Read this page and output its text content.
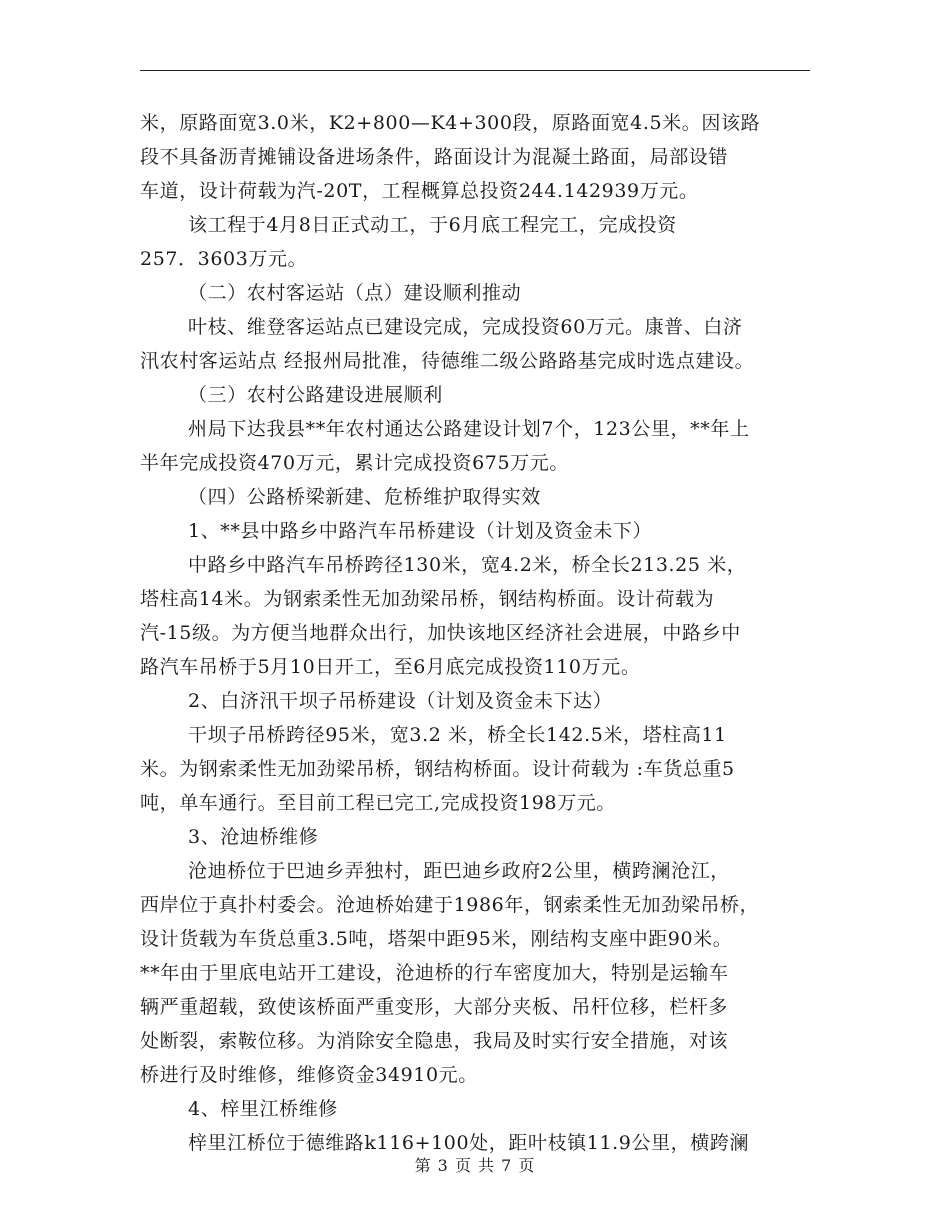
米，原路面宽3.0米，K2+800—K4+300段，原路面宽4.5米。因该路
段不具备沥青摊铺设备进场条件，路面设计为混凝土路面，局部设错
车道，设计荷载为汽-20T，工程概算总投资244.142939万元。
该工程于4月8日正式动工，于6月底工程完工，完成投资
257．3603万元。
（二）农村客运站（点）建设顺利推动
叶枝、维登客运站点已建设完成，完成投资60万元。康普、白济
汛农村客运站点 经报州局批准，待德维二级公路路基完成时选点建设。
（三）农村公路建设进展顺利
州局下达我县**年农村通达公路建设计划7个，123公里，**年上
半年完成投资470万元，累计完成投资675万元。
（四）公路桥梁新建、危桥维护取得实效
1、**县中路乡中路汽车吊桥建设（计划及资金未下）
中路乡中路汽车吊桥跨径130米，宽4.2米，桥全长213.25 米，
塔柱高14米。为钢索柔性无加劲梁吊桥，钢结构桥面。设计荷载为
汽-15级。为方便当地群众出行，加快该地区经济社会进展，中路乡中
路汽车吊桥于5月10日开工，至6月底完成投资110万元。
2、白济汛干坝子吊桥建设（计划及资金未下达）
干坝子吊桥跨径95米，宽3.2 米，桥全长142.5米，塔柱高11
米。为钢索柔性无加劲梁吊桥，钢结构桥面。设计荷载为 :车货总重5
吨，单车通行。至目前工程已完工,完成投资198万元。
3、沧迪桥维修
沧迪桥位于巴迪乡弄独村，距巴迪乡政府2公里，横跨澜沧江，
西岸位于真扑村委会。沧迪桥始建于1986年，钢索柔性无加劲梁吊桥，
设计货载为车货总重3.5吨，塔架中距95米，刚结构支座中距90米。
**年由于里底电站开工建设，沧迪桥的行车密度加大，特别是运输车
辆严重超载，致使该桥面严重变形，大部分夹板、吊杆位移，栏杆多
处断裂，索鞍位移。为消除安全隐患，我局及时实行安全措施，对该
桥进行及时维修，维修资金34910元。
4、梓里江桥维修
梓里江桥位于德维路k116+100处，距叶枝镇11.9公里，横跨澜
第 3 页 共 7 页
